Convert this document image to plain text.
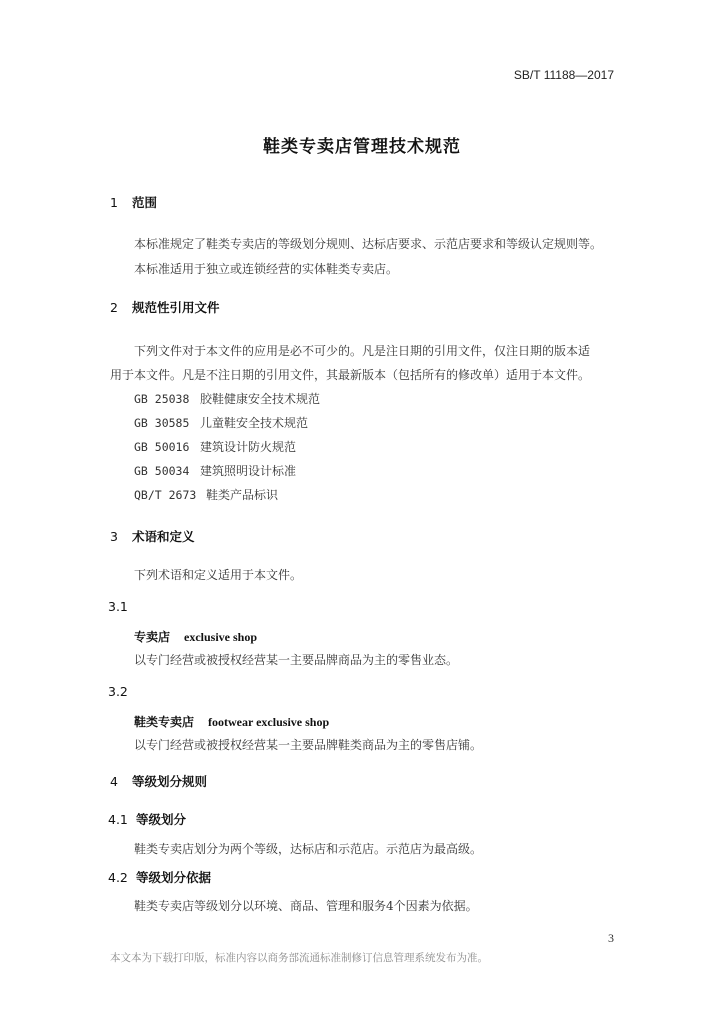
SB/T 11188—2017
鞋类专卖店管理技术规范
1 范围
本标准规定了鞋类专卖店的等级划分规则、达标店要求、示范店要求和等级认定规则等。
本标准适用于独立或连锁经营的实体鞋类专卖店。
2 规范性引用文件
下列文件对于本文件的应用是必不可少的。凡是注日期的引用文件，仅注日期的版本适
用于本文件。凡是不注日期的引用文件，其最新版本（包括所有的修改单）适用于本文件。
GB 25038 胶鞋健康安全技术规范
GB 30585 儿童鞋安全技术规范
GB 50016 建筑设计防火规范
GB 50034 建筑照明设计标准
QB/T 2673 鞋类产品标识
3 术语和定义
下列术语和定义适用于本文件。
3.1
专卖店 exclusive shop
以专门经营或被授权经营某一主要品牌商品为主的零售业态。
3.2
鞋类专卖店 footwear exclusive shop
以专门经营或被授权经营某一主要品牌鞋类商品为主的零售店铺。
4 等级划分规则
4.1 等级划分
鞋类专卖店划分为两个等级，达标店和示范店。示范店为最高级。
4.2 等级划分依据
鞋类专卖店等级划分以环境、商品、管理和服务4个因素为依据。
3
本文本为下载打印版，标准内容以商务部流通标准制修订信息管理系统发布为准。
